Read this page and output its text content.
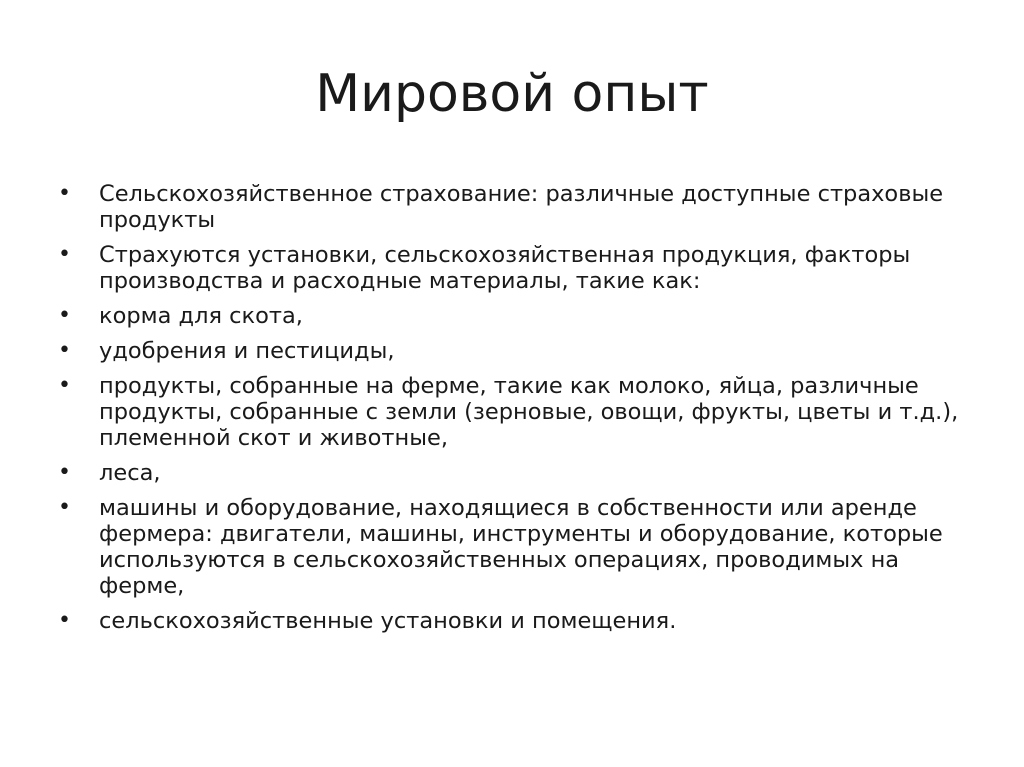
Мировой опыт
• Сельскохозяйственное страхование: различные доступные страховые продукты
• Страхуются установки, сельскохозяйственная продукция, факторы производства и расходные материалы, такие как:
• корма для скота,
• удобрения и пестициды,
• продукты, собранные на ферме, такие как молоко, яйца, различные продукты, собранные с земли (зерновые, овощи, фрукты, цветы и т.д.), племенной скот и животные,
• леса,
• машины и оборудование, находящиеся в собственности или аренде фермера: двигатели, машины, инструменты и оборудование, которые используются в сельскохозяйственных операциях, проводимых на ферме,
• сельскохозяйственные установки и помещения.
